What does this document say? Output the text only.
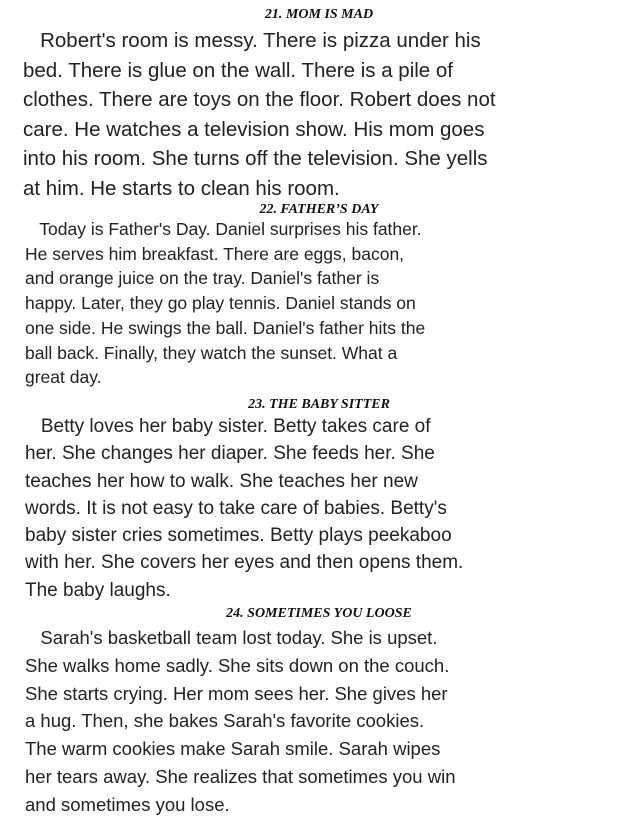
21. MOM IS MAD

Robert's room is messy. There is pizza under his
bed. There is glue on the wall. There is a pile of
clothes. There are toys on the floor. Robert does not
care. He watches a television show. His mom goes
into his room. She turns off the television. She yells
at him. He starts to clean his room.

22. FATHER’S DAY

Today is Father's Day. Daniel surprises his father.
He serves him breakfast. There are eggs, bacon,
and orange juice on the tray. Daniel's father is
happy. Later, they go play tennis. Daniel stands on
one side. He swings the ball. Daniel's father hits the
ball back. Finally, they watch the sunset. What a
great day.

23. THE BABY SITTER

Betty loves her baby sister. Betty takes care of
her. She changes her diaper. She feeds her. She
teaches her how to walk. She teaches her new
words. It is not easy to take care of babies. Betty's
baby sister cries sometimes. Betty plays peekaboo
with her. She covers her eyes and then opens them.
The baby laughs.

24. SOMETIMES YOU LOOSE

Sarah's basketball team lost today. She is upset.
She walks home sadly. She sits down on the couch.
She starts crying. Her mom sees her. She gives her
a hug. Then, she bakes Sarah's favorite cookies.
The warm cookies make Sarah smile. Sarah wipes
her tears away. She realizes that sometimes you win
and sometimes you lose.
